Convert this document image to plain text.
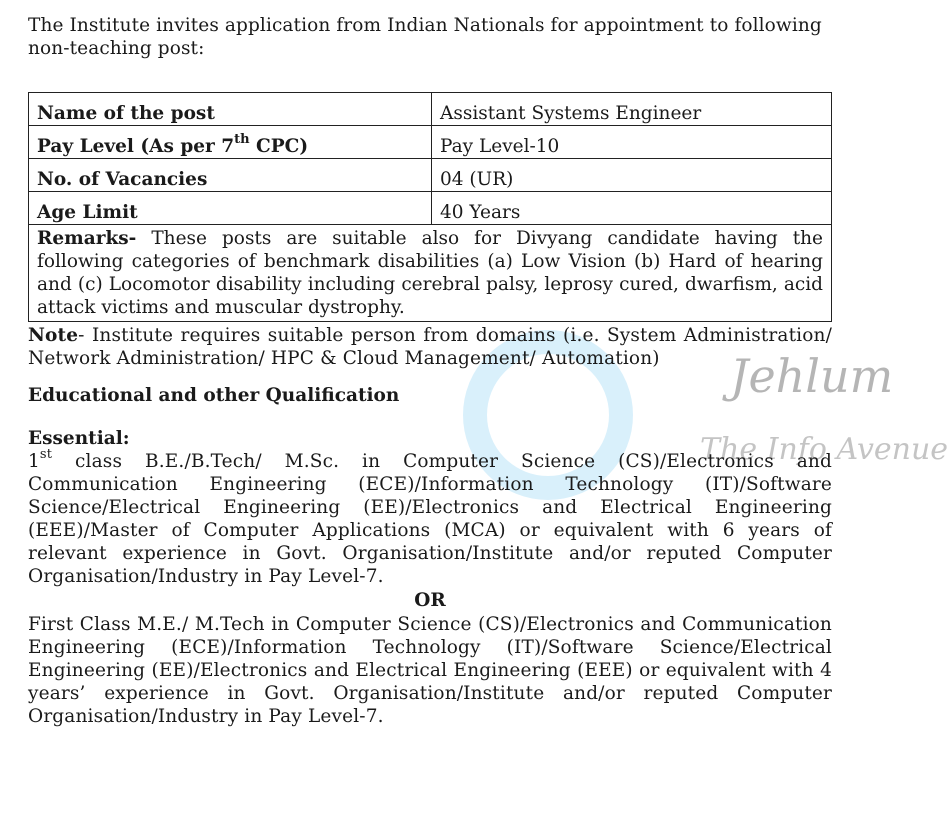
Jehlum
The Info Avenue

The Institute invites application from Indian Nationals for appointment to following non-teaching post:

Name of the post	Assistant Systems Engineer
Pay Level (As per 7th CPC)	Pay Level-10
No. of Vacancies	04 (UR)
Age Limit	40 Years
Remarks- These posts are suitable also for Divyang candidate having the following categories of benchmark disabilities (a) Low Vision (b) Hard of hearing and (c) Locomotor disability including cerebral palsy, leprosy cured, dwarfism, acid attack victims and muscular dystrophy.	
Note- Institute requires suitable person from domains (i.e. System Administration/ Network Administration/ HPC & Cloud Management/ Automation)
Educational and other Qualification
Essential:
1st class B.E./B.Tech/ M.Sc. in Computer Science (CS)/Electronics and Communication Engineering (ECE)/Information Technology (IT)/Software Science/Electrical Engineering (EE)/Electronics and Electrical Engineering (EEE)/Master of Computer Applications (MCA) or equivalent with 6 years of relevant experience in Govt. Organisation/Institute and/or reputed Computer Organisation/Industry in Pay Level-7.
OR
First Class M.E./ M.Tech in Computer Science (CS)/Electronics and Communication Engineering (ECE)/Information Technology (IT)/Software Science/Electrical Engineering (EE)/Electronics and Electrical Engineering (EEE) or equivalent with 4 years’ experience in Govt. Organisation/Institute and/or reputed Computer Organisation/Industry in Pay Level-7.
